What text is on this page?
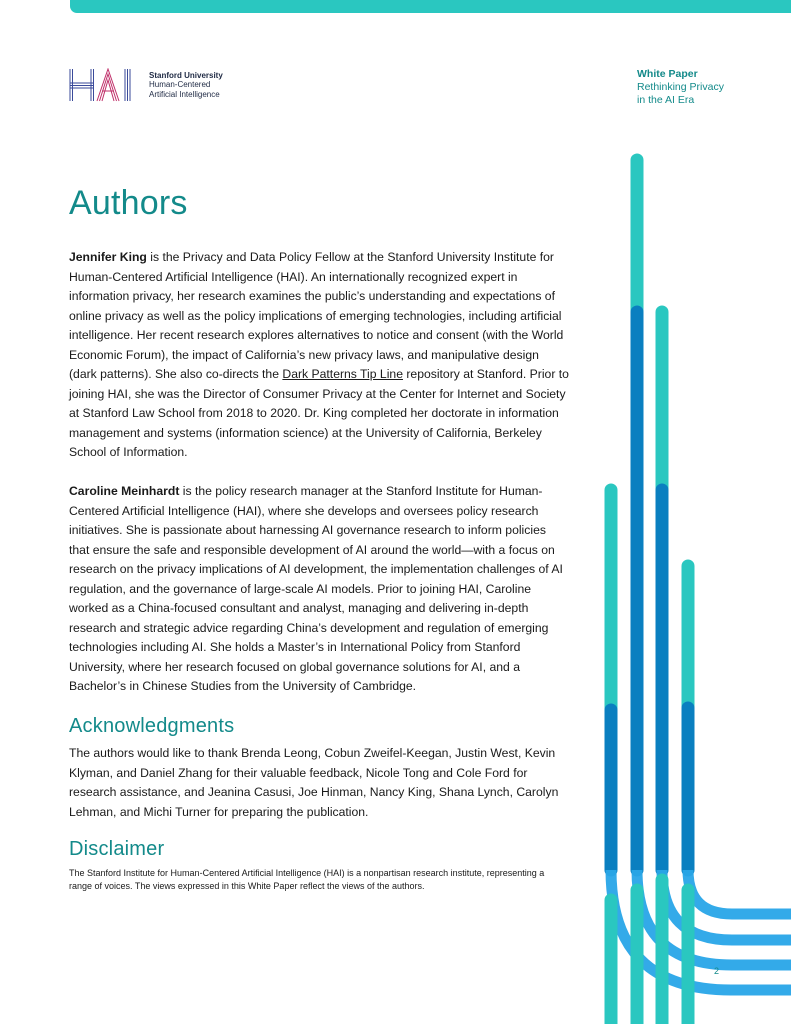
Stanford University
Human-Centered
Artificial Intelligence
White Paper
Rethinking Privacy
in the AI Era
Authors

Jennifer King is the Privacy and Data Policy Fellow at the Stanford University Institute for Human-Centered Artificial Intelligence (HAI). An internationally recognized expert in information privacy, her research examines the public’s understanding and expectations of online privacy as well as the policy implications of emerging technologies, including artificial intelligence. Her recent research explores alternatives to notice and consent (with the World Economic Forum), the impact of California’s new privacy laws, and manipulative design (dark patterns). She also co-directs the Dark Patterns Tip Line repository at Stanford. Prior to joining HAI, she was the Director of Consumer Privacy at the Center for Internet and Society at Stanford Law School from 2018 to 2020. Dr. King completed her doctorate in information management and systems (information science) at the University of California, Berkeley School of Information.

Caroline Meinhardt is the policy research manager at the Stanford Institute for Human-Centered Artificial Intelligence (HAI), where she develops and oversees policy research initiatives. She is passionate about harnessing AI governance research to inform policies that ensure the safe and responsible development of AI around the world—with a focus on research on the privacy implications of AI development, the implementation challenges of AI regulation, and the governance of large-scale AI models. Prior to joining HAI, Caroline worked as a China-focused consultant and analyst, managing and delivering in-depth research and strategic advice regarding China’s development and regulation of emerging technologies including AI. She holds a Master’s in International Policy from Stanford University, where her research focused on global governance solutions for AI, and a Bachelor’s in Chinese Studies from the University of Cambridge.

Acknowledgments

The authors would like to thank Brenda Leong, Cobun Zweifel-Keegan, Justin West, Kevin Klyman, and Daniel Zhang for their valuable feedback, Nicole Tong and Cole Ford for research assistance, and Jeanina Casusi, Joe Hinman, Nancy King, Shana Lynch, Carolyn Lehman, and Michi Turner for preparing the publication.

Disclaimer

The Stanford Institute for Human-Centered Artificial Intelligence (HAI) is a nonpartisan research institute, representing a range of voices. The views expressed in this White Paper reflect the views of the authors.

2
